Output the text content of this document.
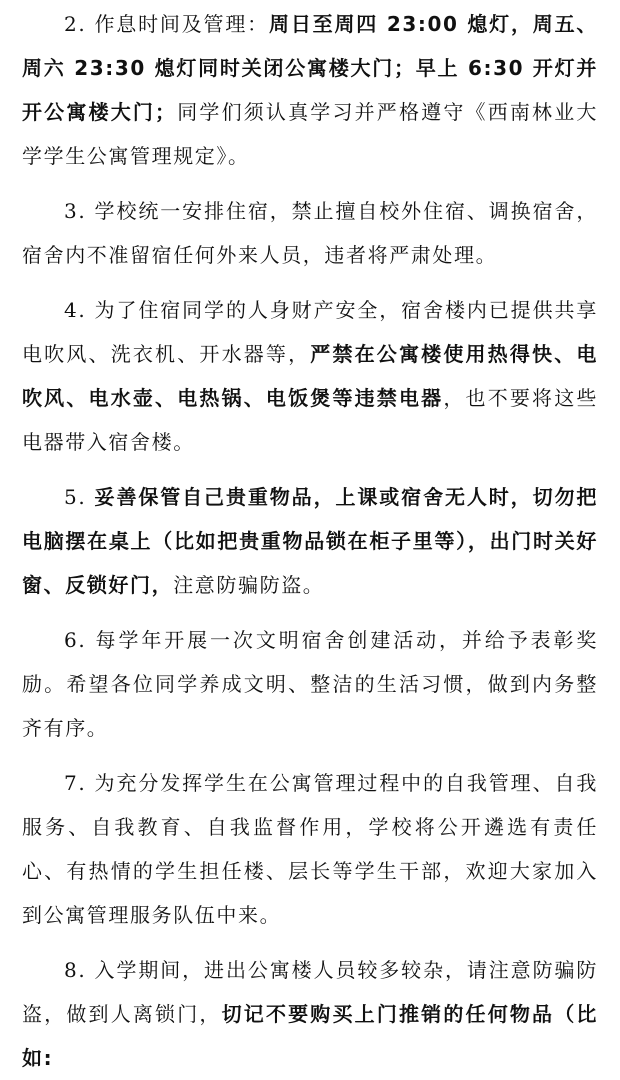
2. 作息时间及管理：周日至周四 23:00 熄灯，周五、周六 23:30 熄灯同时关闭公寓楼大门；早上 6:30 开灯并开公寓楼大门；同学们须认真学习并严格遵守《西南林业大学学生公寓管理规定》。

3. 学校统一安排住宿，禁止擅自校外住宿、调换宿舍，宿舍内不准留宿任何外来人员，违者将严肃处理。

4. 为了住宿同学的人身财产安全，宿舍楼内已提供共享电吹风、洗衣机、开水器等，严禁在公寓楼使用热得快、电吹风、电水壶、电热锅、电饭煲等违禁电器，也不要将这些电器带入宿舍楼。

5. 妥善保管自己贵重物品，上课或宿舍无人时，切勿把电脑摆在桌上（比如把贵重物品锁在柜子里等），出门时关好窗、反锁好门，注意防骗防盗。

6. 每学年开展一次文明宿舍创建活动，并给予表彰奖励。希望各位同学养成文明、整洁的生活习惯，做到内务整齐有序。

7. 为充分发挥学生在公寓管理过程中的自我管理、自我服务、自我教育、自我监督作用，学校将公开遴选有责任心、有热情的学生担任楼、层长等学生干部，欢迎大家加入到公寓管理服务队伍中来。

8. 入学期间，进出公寓楼人员较多较杂，请注意防骗防盗，做到人离锁门，切记不要购买上门推销的任何物品（比如:
